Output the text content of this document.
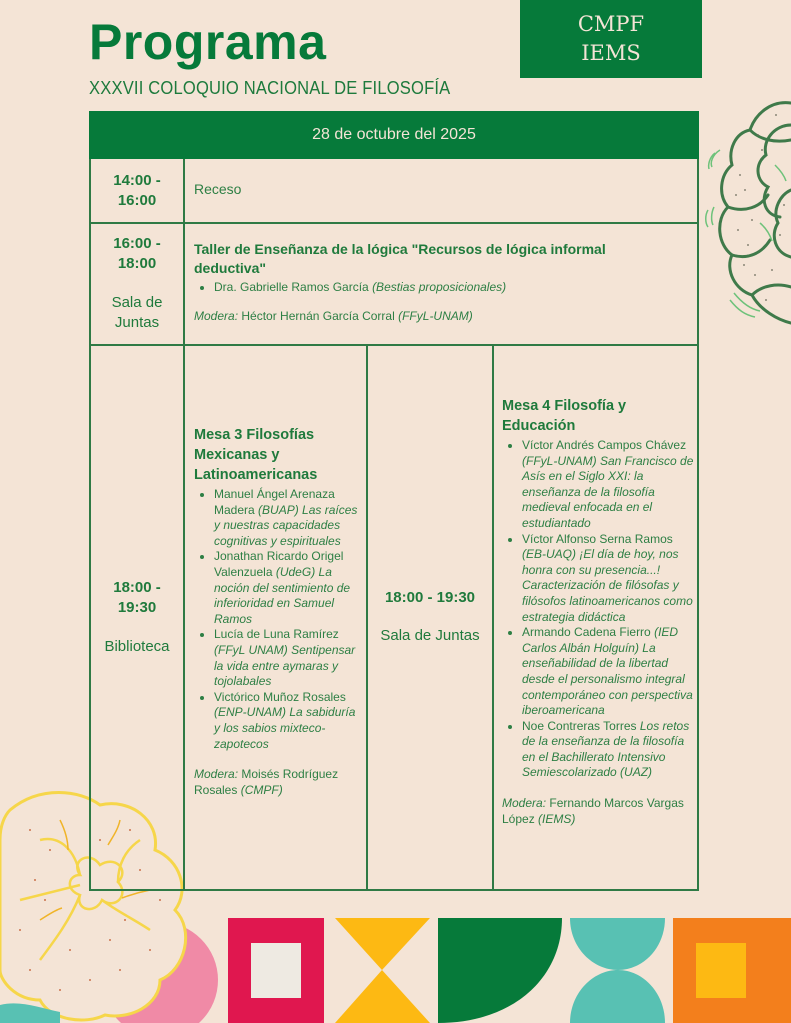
Programa
XXXVII COLOQUIO NACIONAL DE FILOSOFÍA
CMPF
IEMS
28 de octubre del 2025
14:00 -
16:00
Receso
16:00 -
18:00
Sala de
Juntas
Taller de Enseñanza de la lógica "Recursos de lógica informal deductiva"
• Dra. Gabrielle Ramos García (Bestias proposicionales)
Modera: Héctor Hernán García Corral (FFyL-UNAM)
18:00 -
19:30
Biblioteca
Mesa 3 Filosofías Mexicanas y Latinoamericanas
• Manuel Ángel Arenaza Madera (BUAP) Las raíces y nuestras capacidades cognitivas y espirituales
• Jonathan Ricardo Origel Valenzuela (UdeG) La noción del sentimiento de inferioridad en Samuel Ramos
• Lucía de Luna Ramírez (FFyL UNAM) Sentipensar la vida entre aymaras y tojolabales
• Victórico Muñoz Rosales (ENP-UNAM) La sabiduría y los sabios mixteco-zapotecos
Modera: Moisés Rodríguez Rosales (CMPF)
18:00 - 19:30
Sala de Juntas
Mesa 4 Filosofía y Educación
• Víctor Andrés Campos Chávez (FFyL-UNAM) San Francisco de Asís en el Siglo XXI: la enseñanza de la filosofía medieval enfocada en el estudiantado
• Víctor Alfonso Serna Ramos (EB-UAQ) ¡El día de hoy, nos honra con su presencia...! Caracterización de filósofas y filósofos latinoamericanos como estrategia didáctica
• Armando Cadena Fierro (IED Carlos Albán Holguín) La enseñabilidad de la libertad desde el personalismo integral contemporáneo con perspectiva iberoamericana
• Noe Contreras Torres Los retos de la enseñanza de la filosofía en el Bachillerato Intensivo Semiescolarizado (UAZ)
Modera: Fernando Marcos Vargas López (IEMS)
